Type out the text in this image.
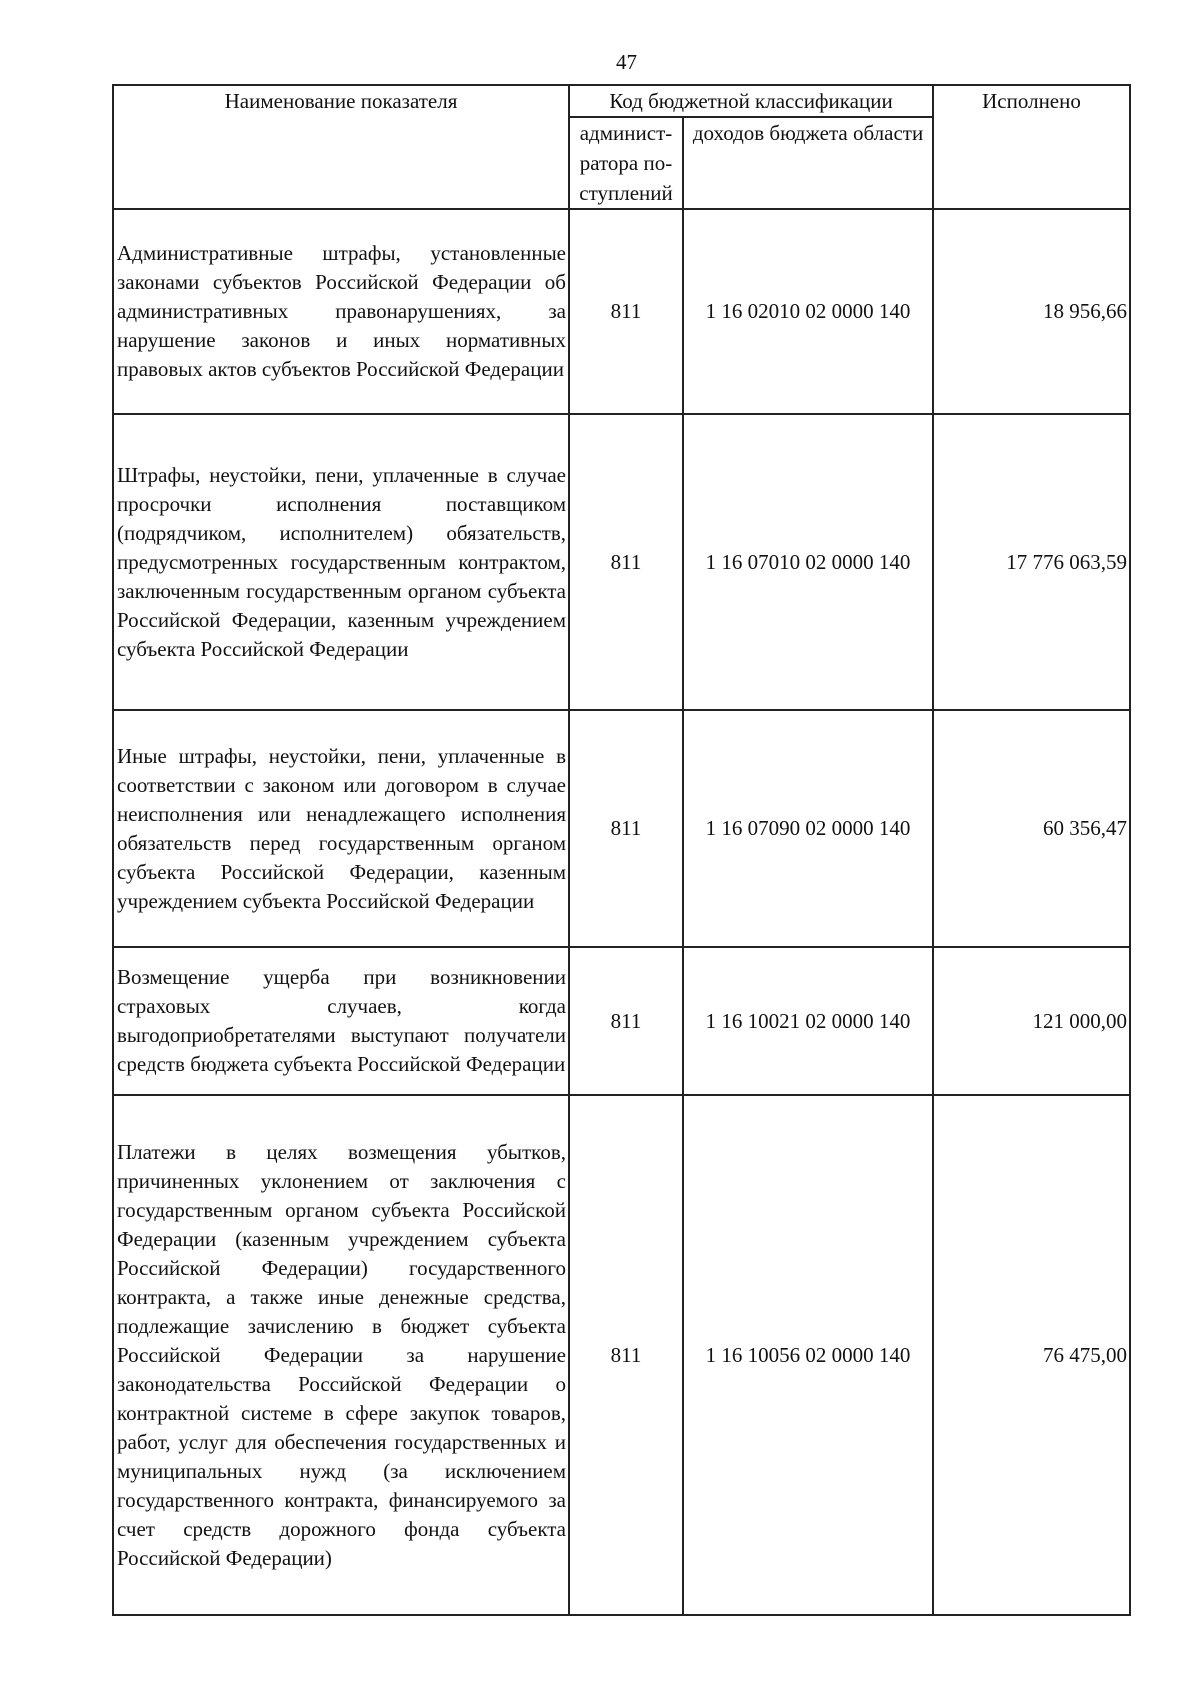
47
Наименование показателя	Код бюджетной классификации		Исполнено
	админист-ратора по-ступлений	доходов бюджета области	
Административные штрафы, установленные законами субъектов Российской Федерации об административных правонарушениях, за нарушение законов и иных нормативных правовых актов субъектов Российской Федерации	811	1 16 02010 02 0000 140	18 956,66
Штрафы, неустойки, пени, уплаченные в случае просрочки исполнения поставщиком (подрядчиком, исполнителем) обязательств, предусмотренных государственным контрактом, заключенным государственным органом субъекта Российской Федерации, казенным учреждением субъекта Российской Федерации	811	1 16 07010 02 0000 140	17 776 063,59
Иные штрафы, неустойки, пени, уплаченные в соответствии с законом или договором в случае неисполнения или ненадлежащего исполнения обязательств перед государственным органом субъекта Российской Федерации, казенным учреждением субъекта Российской Федерации	811	1 16 07090 02 0000 140	60 356,47
Возмещение ущерба при возникновении страховых случаев, когда выгодоприобретателями выступают получатели средств бюджета субъекта Российской Федерации	811	1 16 10021 02 0000 140	121 000,00
Платежи в целях возмещения убытков, причиненных уклонением от заключения с государственным органом субъекта Российской Федерации (казенным учреждением субъекта Российской Федерации) государственного контракта, а также иные денежные средства, подлежащие зачислению в бюджет субъекта Российской Федерации за нарушение законодательства Российской Федерации о контрактной системе в сфере закупок товаров, работ, услуг для обеспечения государственных и муниципальных нужд (за исключением государственного контракта, финансируемого за счет средств дорожного фонда субъекта Российской Федерации)	811	1 16 10056 02 0000 140	76 475,00
